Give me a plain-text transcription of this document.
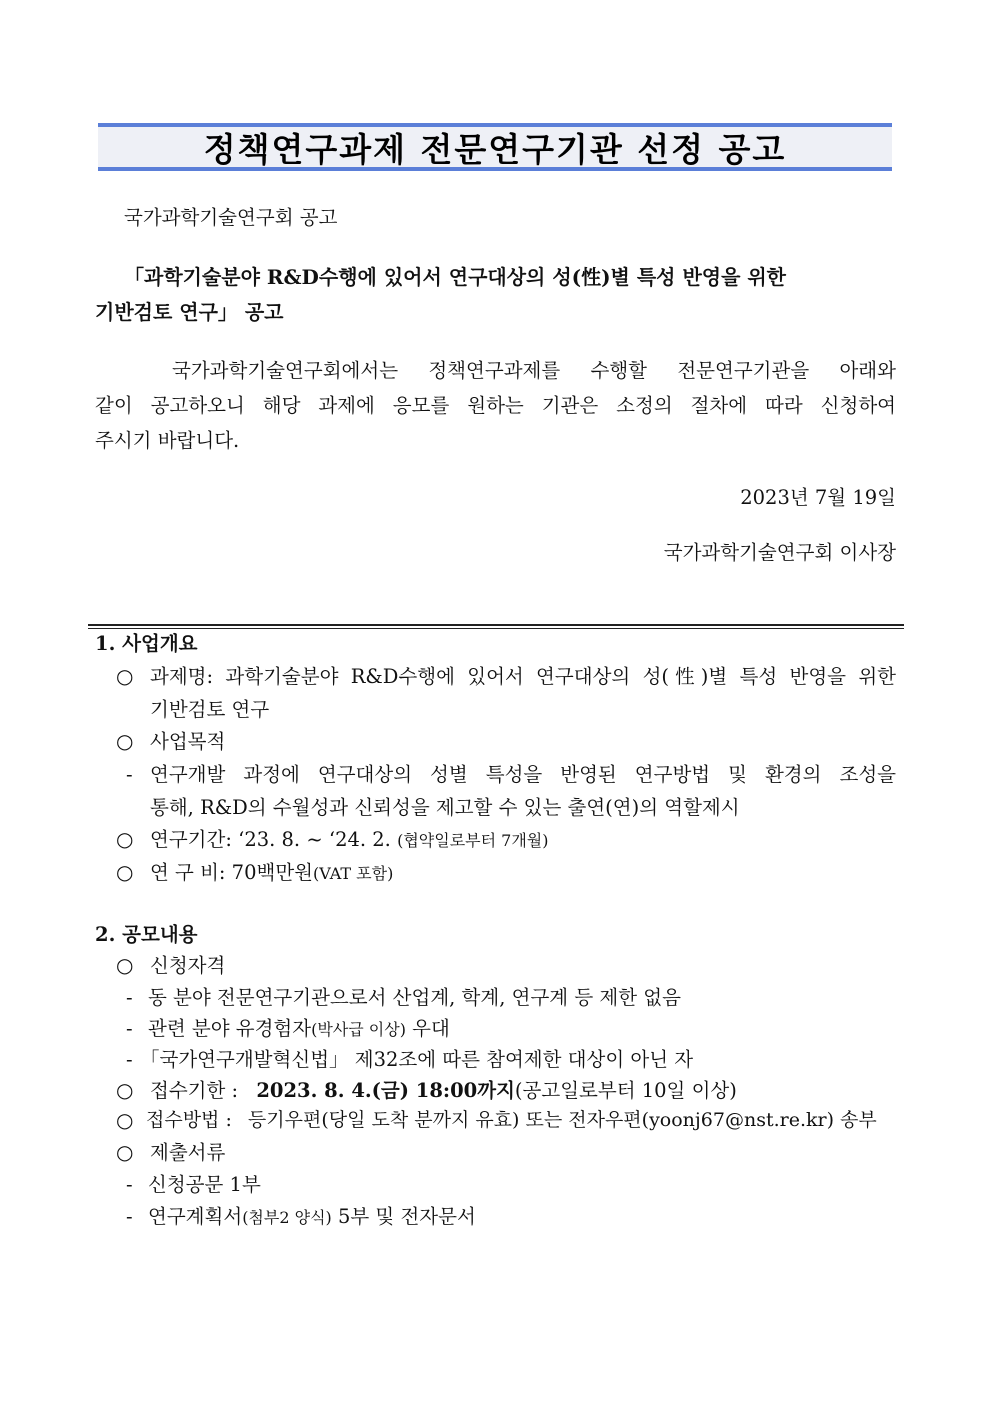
정책연구과제 전문연구기관 선정 공고
국가과학기술연구회 공고
「과학기술분야 R&D수행에 있어서 연구대상의 성(性)별 특성 반영을 위한
기반검토 연구」 공고
국가과학기술연구회에서는 정책연구과제를 수행할 전문연구기관을 아래와
같이 공고하오니 해당 과제에 응모를 원하는 기관은 소정의 절차에 따라 신청하여
주시기 바랍니다.
2023년 7월 19일
국가과학기술연구회 이사장
1. 사업개요
○ 과제명: 과학기술분야 R&D수행에 있어서 연구대상의 성(性)별 특성 반영을 위한
기반검토 연구
○ 사업목적
- 연구개발 과정에 연구대상의 성별 특성을 반영된 연구방법 및 환경의 조성을
통해, R&D의 수월성과 신뢰성을 제고할 수 있는 출연(연)의 역할제시
○ 연구기간: ‘23. 8. ~ ‘24. 2. (협약일로부터 7개월)
○ 연 구 비: 70백만원(VAT 포함)
2. 공모내용
○ 신청자격
- 동 분야 전문연구기관으로서 산업계, 학계, 연구계 등 제한 없음
- 관련 분야 유경험자(박사급 이상) 우대
- 「국가연구개발혁신법」 제32조에 따른 참여제한 대상이 아닌 자
○ 접수기한 : 2023. 8. 4.(금) 18:00까지(공고일로부터 10일 이상)
○ 접수방법 : 등기우편(당일 도착 분까지 유효) 또는 전자우편(yoonj67@nst.re.kr) 송부
○ 제출서류
- 신청공문 1부
- 연구계획서(첨부2 양식) 5부 및 전자문서
